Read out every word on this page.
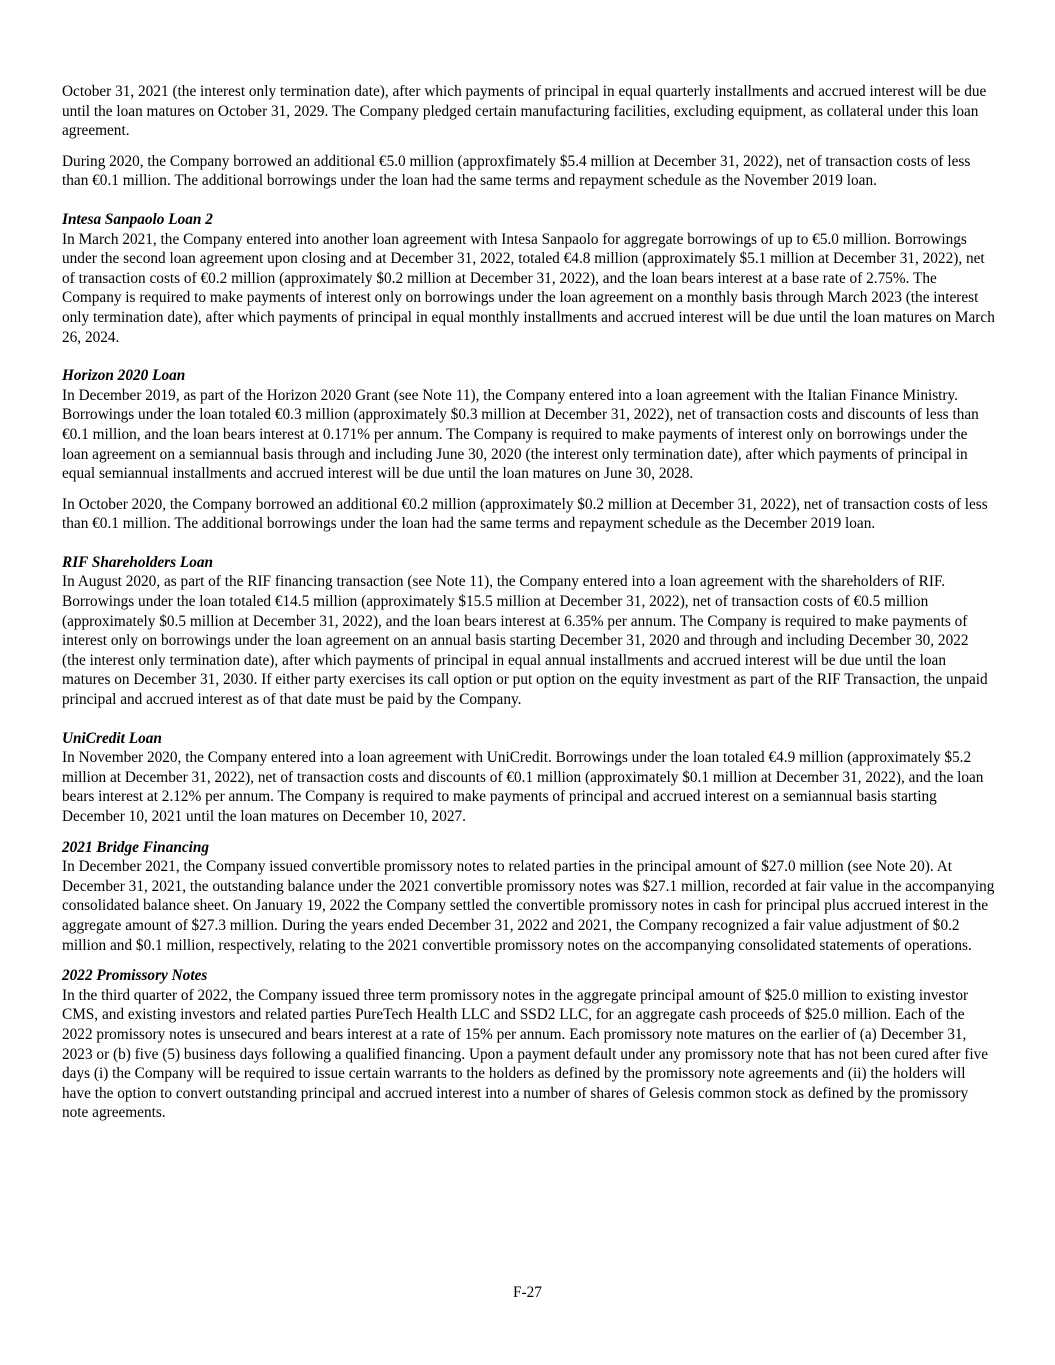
October 31, 2021 (the interest only termination date), after which payments of principal in equal quarterly installments and accrued interest will be due until the loan matures on October 31, 2029. The Company pledged certain manufacturing facilities, excluding equipment, as collateral under this loan agreement.

During 2020, the Company borrowed an additional €5.0 million (approxfimately $5.4 million at December 31, 2022), net of transaction costs of less than €0.1 million. The additional borrowings under the loan had the same terms and repayment schedule as the November 2019 loan.

Intesa Sanpaolo Loan 2

In March 2021, the Company entered into another loan agreement with Intesa Sanpaolo for aggregate borrowings of up to €5.0 million. Borrowings under the second loan agreement upon closing and at December 31, 2022, totaled €4.8 million (approximately $5.1 million at December 31, 2022), net of transaction costs of €0.2 million (approximately $0.2 million at December 31, 2022), and the loan bears interest at a base rate of 2.75%. The Company is required to make payments of interest only on borrowings under the loan agreement on a monthly basis through March 2023 (the interest only termination date), after which payments of principal in equal monthly installments and accrued interest will be due until the loan matures on March 26, 2024.

Horizon 2020 Loan

In December 2019, as part of the Horizon 2020 Grant (see Note 11), the Company entered into a loan agreement with the Italian Finance Ministry. Borrowings under the loan totaled €0.3 million (approximately $0.3 million at December 31, 2022), net of transaction costs and discounts of less than €0.1 million, and the loan bears interest at 0.171% per annum. The Company is required to make payments of interest only on borrowings under the loan agreement on a semiannual basis through and including June 30, 2020 (the interest only termination date), after which payments of principal in equal semiannual installments and accrued interest will be due until the loan matures on June 30, 2028.

In October 2020, the Company borrowed an additional €0.2 million (approximately $0.2 million at December 31, 2022), net of transaction costs of less than €0.1 million. The additional borrowings under the loan had the same terms and repayment schedule as the December 2019 loan.

RIF Shareholders Loan

In August 2020, as part of the RIF financing transaction (see Note 11), the Company entered into a loan agreement with the shareholders of RIF. Borrowings under the loan totaled €14.5 million (approximately $15.5 million at December 31, 2022), net of transaction costs of €0.5 million (approximately $0.5 million at December 31, 2022), and the loan bears interest at 6.35% per annum. The Company is required to make payments of interest only on borrowings under the loan agreement on an annual basis starting December 31, 2020 and through and including December 30, 2022 (the interest only termination date), after which payments of principal in equal annual installments and accrued interest will be due until the loan matures on December 31, 2030. If either party exercises its call option or put option on the equity investment as part of the RIF Transaction, the unpaid principal and accrued interest as of that date must be paid by the Company.

UniCredit Loan

In November 2020, the Company entered into a loan agreement with UniCredit. Borrowings under the loan totaled €4.9 million (approximately $5.2 million at December 31, 2022), net of transaction costs and discounts of €0.1 million (approximately $0.1 million at December 31, 2022), and the loan bears interest at 2.12% per annum. The Company is required to make payments of principal and accrued interest on a semiannual basis starting December 10, 2021 until the loan matures on December 10, 2027.

2021 Bridge Financing

In December 2021, the Company issued convertible promissory notes to related parties in the principal amount of $27.0 million (see Note 20). At December 31, 2021, the outstanding balance under the 2021 convertible promissory notes was $27.1 million, recorded at fair value in the accompanying consolidated balance sheet. On January 19, 2022 the Company settled the convertible promissory notes in cash for principal plus accrued interest in the aggregate amount of $27.3 million. During the years ended December 31, 2022 and 2021, the Company recognized a fair value adjustment of $0.2 million and $0.1 million, respectively, relating to the 2021 convertible promissory notes on the accompanying consolidated statements of operations.

2022 Promissory Notes

In the third quarter of 2022, the Company issued three term promissory notes in the aggregate principal amount of $25.0 million to existing investor CMS, and existing investors and related parties PureTech Health LLC and SSD2 LLC, for an aggregate cash proceeds of $25.0 million. Each of the 2022 promissory notes is unsecured and bears interest at a rate of 15% per annum. Each promissory note matures on the earlier of (a) December 31, 2023 or (b) five (5) business days following a qualified financing. Upon a payment default under any promissory note that has not been cured after five days (i) the Company will be required to issue certain warrants to the holders as defined by the promissory note agreements and (ii) the holders will have the option to convert outstanding principal and accrued interest into a number of shares of Gelesis common stock as defined by the promissory note agreements.

F-27
